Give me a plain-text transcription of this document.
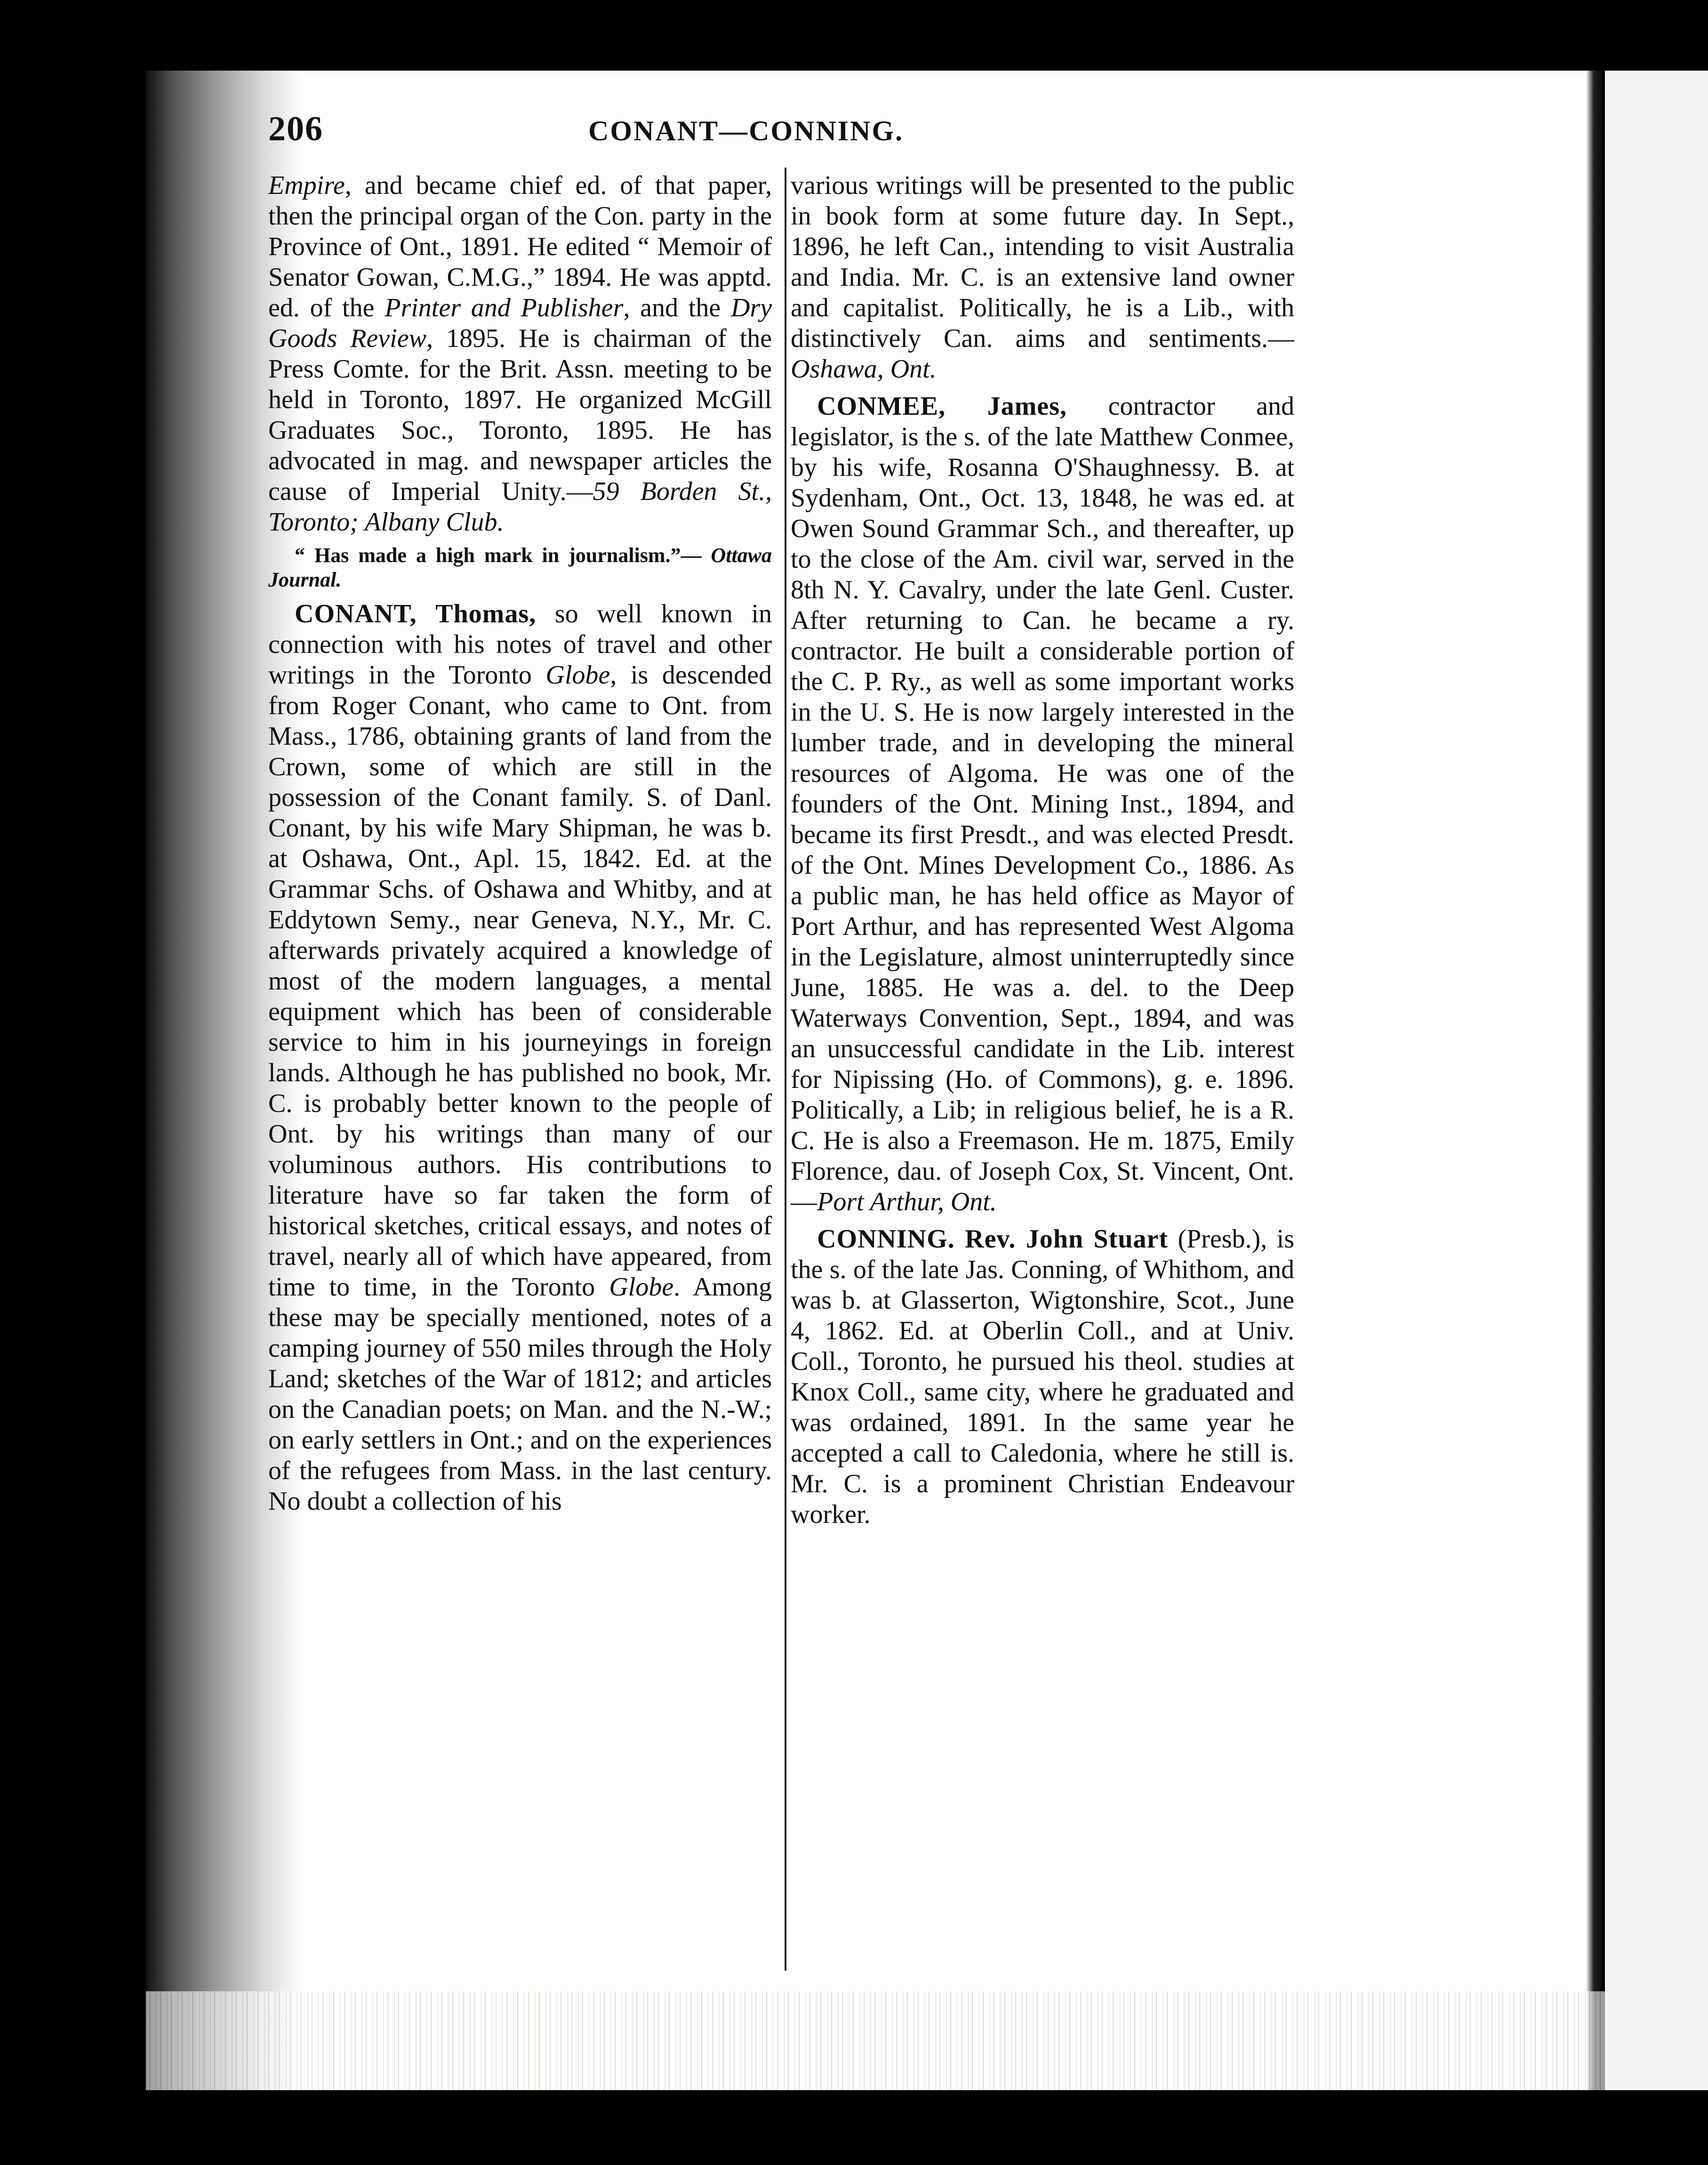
206	CONANT—CONNING.

Empire, and became chief ed. of that paper, then the principal organ of the Con. party in the Province of Ont., 1891. He edited “ Memoir of Senator Gowan, C.M.G.,” 1894. He was apptd. ed. of the Printer and Publisher, and the Dry Goods Review, 1895. He is chairman of the Press Comte. for the Brit. Assn. meeting to be held in Toronto, 1897. He organized McGill Graduates Soc., Toronto, 1895. He has advocated in mag. and newspaper articles the cause of Imperial Unity.—59 Borden St., Toronto; Albany Club.

“ Has made a high mark in journalism.”— Ottawa Journal.

CONANT, Thomas, so well known in connection with his notes of travel and other writings in the Toronto Globe, is descended from Roger Conant, who came to Ont. from Mass., 1786, obtaining grants of land from the Crown, some of which are still in the possession of the Conant family. S. of Danl. Conant, by his wife Mary Shipman, he was b. at Oshawa, Ont., Apl. 15, 1842. Ed. at the Grammar Schs. of Oshawa and Whitby, and at Eddytown Semy., near Geneva, N.Y., Mr. C. afterwards privately acquired a knowledge of most of the modern languages, a mental equipment which has been of considerable service to him in his journeyings in foreign lands. Although he has published no book, Mr. C. is probably better known to the people of Ont. by his writings than many of our voluminous authors. His contributions to literature have so far taken the form of historical sketches, critical essays, and notes of travel, nearly all of which have appeared, from time to time, in the Toronto Globe. Among these may be specially mentioned, notes of a camping journey of 550 miles through the Holy Land; sketches of the War of 1812; and articles on the Canadian poets; on Man. and the N.-W.; on early settlers in Ont.; and on the experiences of the refugees from Mass. in the last century. No doubt a collection of his

various writings will be presented to the public in book form at some future day. In Sept., 1896, he left Can., intending to visit Australia and India. Mr. C. is an extensive land owner and capitalist. Politically, he is a Lib., with distinctively Can. aims and sentiments.—Oshawa, Ont.

CONMEE, James, contractor and legislator, is the s. of the late Matthew Conmee, by his wife, Rosanna O'Shaughnessy. B. at Sydenham, Ont., Oct. 13, 1848, he was ed. at Owen Sound Grammar Sch., and thereafter, up to the close of the Am. civil war, served in the 8th N. Y. Cavalry, under the late Genl. Custer. After returning to Can. he became a ry. contractor. He built a considerable portion of the C. P. Ry., as well as some important works in the U. S. He is now largely interested in the lumber trade, and in developing the mineral resources of Algoma. He was one of the founders of the Ont. Mining Inst., 1894, and became its first Presdt., and was elected Presdt. of the Ont. Mines Development Co., 1886. As a public man, he has held office as Mayor of Port Arthur, and has represented West Algoma in the Legislature, almost uninterruptedly since June, 1885. He was a. del. to the Deep Waterways Convention, Sept., 1894, and was an unsuccessful candidate in the Lib. interest for Nipissing (Ho. of Commons), g. e. 1896. Politically, a Lib; in religious belief, he is a R. C. He is also a Freemason. He m. 1875, Emily Florence, dau. of Joseph Cox, St. Vincent, Ont.—Port Arthur, Ont.

CONNING. Rev. John Stuart (Presb.), is the s. of the late Jas. Conning, of Whithom, and was b. at Glasserton, Wigtonshire, Scot., June 4, 1862. Ed. at Oberlin Coll., and at Univ. Coll., Toronto, he pursued his theol. studies at Knox Coll., same city, where he graduated and was ordained, 1891. In the same year he accepted a call to Caledonia, where he still is. Mr. C. is a prominent Christian Endeavour worker.
